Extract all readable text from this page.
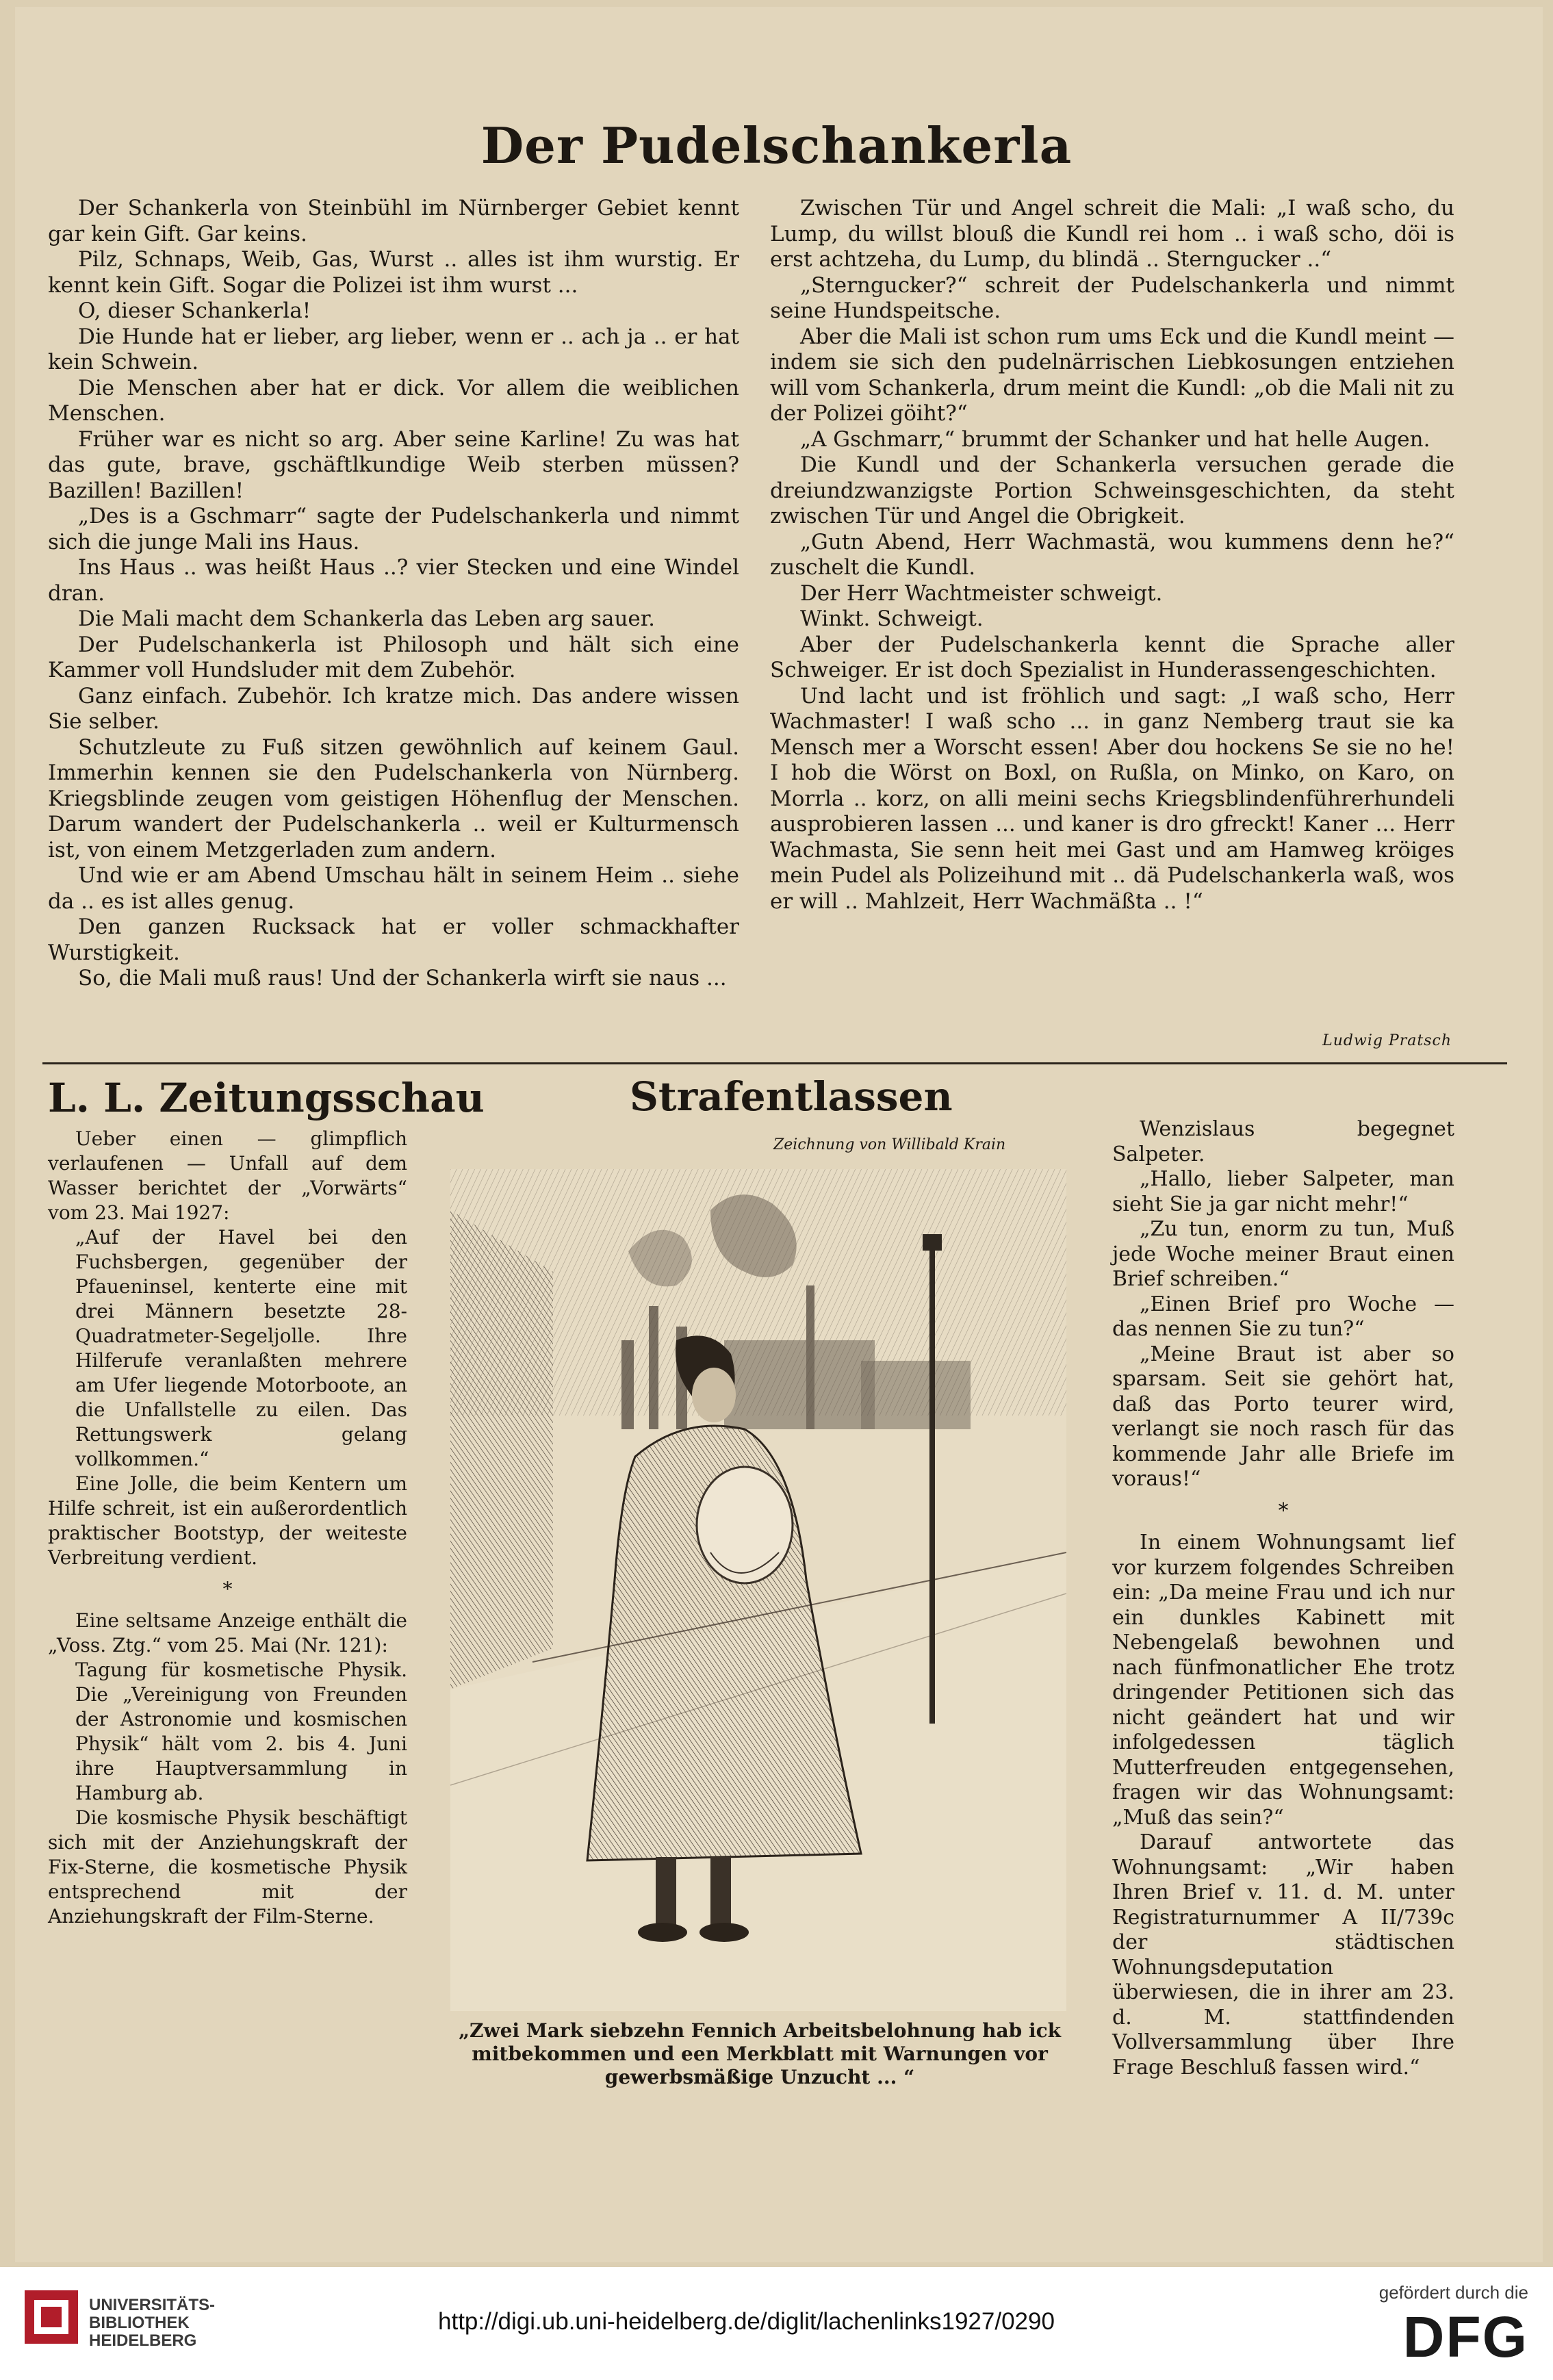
Der Pudelschankerla

Der Schankerla von Steinbühl im Nürnberger Gebiet kennt gar kein Gift. Gar keins.

Pilz, Schnaps, Weib, Gas, Wurst .. alles ist ihm wurstig. Er kennt kein Gift. Sogar die Polizei ist ihm wurst ...

O, dieser Schankerla!

Die Hunde hat er lieber, arg lieber, wenn er .. ach ja .. er hat kein Schwein.

Die Menschen aber hat er dick. Vor allem die weiblichen Menschen.

Früher war es nicht so arg. Aber seine Karline! Zu was hat das gute, brave, gschäftlkundige Weib sterben müssen? Bazillen! Bazillen!

„Des is a Gschmarr“ sagte der Pudelschankerla und nimmt sich die junge Mali ins Haus.

Ins Haus .. was heißt Haus ..? vier Stecken und eine Windel dran.

Die Mali macht dem Schankerla das Leben arg sauer.

Der Pudelschankerla ist Philosoph und hält sich eine Kammer voll Hundsluder mit dem Zubehör.

Ganz einfach. Zubehör. Ich kratze mich. Das andere wissen Sie selber.

Schutzleute zu Fuß sitzen gewöhnlich auf keinem Gaul. Immerhin kennen sie den Pudelschankerla von Nürnberg. Kriegsblinde zeugen vom geistigen Höhenflug der Menschen. Darum wandert der Pudelschankerla .. weil er Kulturmensch ist, von einem Metzgerladen zum andern.

Und wie er am Abend Umschau hält in seinem Heim .. siehe da .. es ist alles genug.

Den ganzen Rucksack hat er voller schmackhafter Wurstigkeit.

So, die Mali muß raus! Und der Schankerla wirft sie naus ...

Zwischen Tür und Angel schreit die Mali: „I waß scho, du Lump, du willst blouß die Kundl rei hom .. i waß scho, döi is erst achtzeha, du Lump, du blindä .. Sterngucker ..“

„Sterngucker?“ schreit der Pudelschankerla und nimmt seine Hundspeitsche.

Aber die Mali ist schon rum ums Eck und die Kundl meint — indem sie sich den pudelnärrischen Liebkosungen entziehen will vom Schankerla, drum meint die Kundl: „ob die Mali nit zu der Polizei göiht?“

„A Gschmarr,“ brummt der Schanker und hat helle Augen.

Die Kundl und der Schankerla versuchen gerade die dreiundzwanzigste Portion Schweinsgeschichten, da steht zwischen Tür und Angel die Obrigkeit.

„Gutn Abend, Herr Wachmastä, wou kummens denn he?“ zuschelt die Kundl.

Der Herr Wachtmeister schweigt.

Winkt. Schweigt.

Aber der Pudelschankerla kennt die Sprache aller Schweiger. Er ist doch Spezialist in Hunderassengeschichten.

Und lacht und ist fröhlich und sagt: „I waß scho, Herr Wachmaster! I waß scho ... in ganz Nemberg traut sie ka Mensch mer a Worscht essen! Aber dou hockens Se sie no he! I hob die Wörst on Boxl, on Rußla, on Minko, on Karo, on Morrla .. korz, on alli meini sechs Kriegsblindenführerhundeli ausprobieren lassen ... und kaner is dro gfreckt! Kaner ... Herr Wachmasta, Sie senn heit mei Gast und am Hamweg kröiges mein Pudel als Polizeihund mit .. dä Pudelschankerla waß, wos er will .. Mahlzeit, Herr Wachmäßta .. !“

Ludwig Pratsch
L. L. Zeitungsschau

Ueber einen — glimpflich verlaufenen — Unfall auf dem Wasser berichtet der „Vorwärts“ vom 23. Mai 1927:

„Auf der Havel bei den Fuchsbergen, gegenüber der Pfaueninsel, kenterte eine mit drei Männern besetzte 28-Quadratmeter-Segeljolle. Ihre Hilferufe veranlaßten mehrere am Ufer liegende Motorboote, an die Unfallstelle zu eilen. Das Rettungswerk gelang vollkommen.“

Eine Jolle, die beim Kentern um Hilfe schreit, ist ein außerordentlich praktischer Bootstyp, der weiteste Verbreitung verdient.

*

Eine seltsame Anzeige enthält die „Voss. Ztg.“ vom 25. Mai (Nr. 121):

Tagung für kosmetische Physik. Die „Vereinigung von Freunden der Astronomie und kosmischen Physik“ hält vom 2. bis 4. Juni ihre Hauptversammlung in Hamburg ab.

Die kosmische Physik beschäftigt sich mit der Anziehungskraft der Fix-Sterne, die kosmetische Physik entsprechend mit der Anziehungskraft der Film-Sterne.

Strafentlassen
Zeichnung von Willibald Krain
„Zwei Mark siebzehn Fennich Arbeitsbelohnung hab ick mitbekommen und een Merkblatt mit Warnungen vor gewerbsmäßige Unzucht ... “

Wenzislaus begegnet Salpeter.

„Hallo, lieber Salpeter, man sieht Sie ja gar nicht mehr!“

„Zu tun, enorm zu tun, Muß jede Woche meiner Braut einen Brief schreiben.“

„Einen Brief pro Woche — das nennen Sie zu tun?“

„Meine Braut ist aber so sparsam. Seit sie gehört hat, daß das Porto teurer wird, verlangt sie noch rasch für das kommende Jahr alle Briefe im voraus!“

*

In einem Wohnungsamt lief vor kurzem folgendes Schreiben ein: „Da meine Frau und ich nur ein dunkles Kabinett mit Nebengelaß bewohnen und nach fünfmonatlicher Ehe trotz dringender Petitionen sich das nicht geändert hat und wir infolgedessen täglich Mutterfreuden entgegensehen, fragen wir das Wohnungsamt: „Muß das sein?“

Darauf antwortete das Wohnungsamt: „Wir haben Ihren Brief v. 11. d. M. unter Registraturnummer A II/739c der städtischen Wohnungsdeputation überwiesen, die in ihrer am 23. d. M. stattfindenden Vollversammlung über Ihre Frage Beschluß fassen wird.“

UNIVERSITÄTS-
BIBLIOTHEK
HEIDELBERG
http://digi.ub.uni-heidelberg.de/diglit/lachenlinks1927/0290
gefördert durch die
DFG
